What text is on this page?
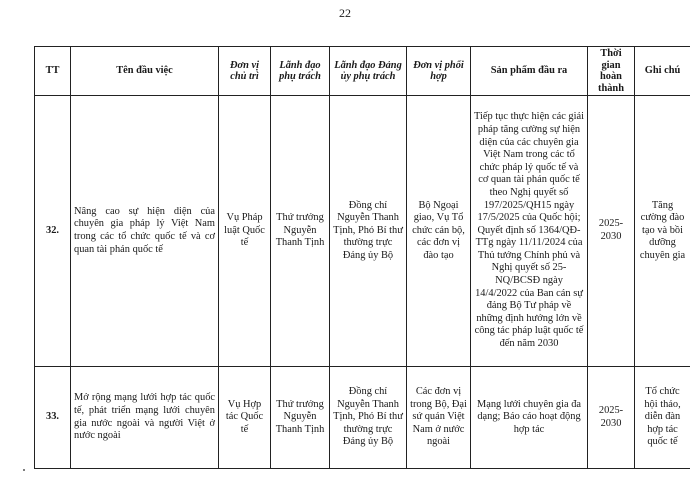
22
TT	Tên đầu việc	Đơn vị chủ trì	Lãnh đạo phụ trách	Lãnh đạo Đảng ủy phụ trách	Đơn vị phối hợp	Sản phẩm đầu ra	Thời gian hoàn thành	Ghi chú
32.	Nâng cao sự hiện diện của chuyên gia pháp lý Việt Nam trong các tổ chức quốc tế và cơ quan tài phán quốc tế	Vụ Pháp luật Quốc tế	Thứ trưởng Nguyễn Thanh Tịnh	Đồng chí Nguyễn Thanh Tịnh, Phó Bí thư thường trực Đảng ủy Bộ	Bộ Ngoại giao, Vụ Tổ chức cán bộ, các đơn vị đào tạo	Tiếp tục thực hiện các giải pháp tăng cường sự hiện diện của các chuyên gia Việt Nam trong các tổ chức pháp lý quốc tế và cơ quan tài phán quốc tế theo Nghị quyết số 197/2025/QH15 ngày 17/5/2025 của Quốc hội; Quyết định số 1364/QĐ-TTg ngày 11/11/2024 của Thủ tướng Chính phủ và Nghị quyết số 25-NQ/BCSĐ ngày 14/4/2022 của Ban cán sự đảng Bộ Tư pháp về những định hướng lớn về công tác pháp luật quốc tế đến năm 2030	2025-2030	Tăng cường đào tạo và bồi dưỡng chuyên gia
33.	Mở rộng mạng lưới hợp tác quốc tế, phát triển mạng lưới chuyên gia nước ngoài và người Việt ở nước ngoài	Vụ Hợp tác Quốc tế	Thứ trưởng Nguyễn Thanh Tịnh	Đồng chí Nguyễn Thanh Tịnh, Phó Bí thư thường trực Đảng ủy Bộ	Các đơn vị trong Bộ, Đại sứ quán Việt Nam ở nước ngoài	Mạng lưới chuyên gia đa dạng; Báo cáo hoạt động hợp tác	2025-2030	Tổ chức hội thảo, diễn đàn hợp tác quốc tế
